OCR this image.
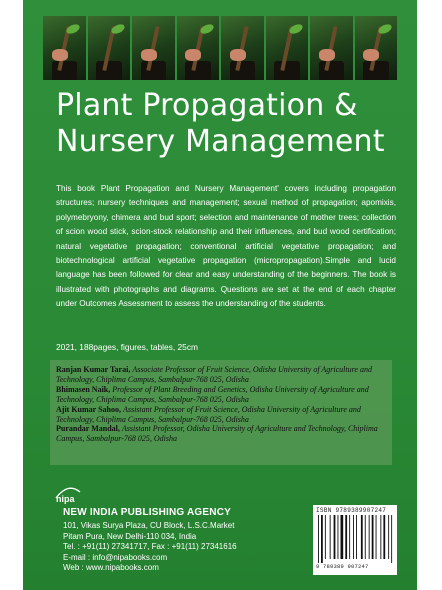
Plant Propagation &
Nursery Management

This book Plant Propagation and Nursery Management' covers including propagation structures; nursery techniques and management; sexual method of propagation; apomixis, polymebryony, chimera and bud sport; selection and maintenance of mother trees; collection of scion wood stick, scion-stock relationship and their influences, and bud wood certification; natural vegetative propagation; conventional artificial vegetative propagation; and biotechnological artificial vegetative propagation (micropropagation).Simple and lucid language has been followed for clear and easy understanding of the beginners. The book is illustrated with photographs and diagrams. Questions are set at the end of each chapter under Outcomes Assessment to assess the understanding of the students.

2021, 188pages, figures, tables, 25cm
Ranjan Kumar Tarai, Associate Professor of Fruit Science, Odisha University of Agriculture and Technology, Chiplima Campus, Sambalpur-768 025, Odisha
Bhimasen Naik, Professor of Plant Breeding and Genetics, Odisha University of Agriculture and Technology, Chiplima Campus, Sambalpur-768 025, Odisha
Ajit Kumar Sahoo, Assistant Professor of Fruit Science, Odisha University of Agriculture and Technology, Chiplima Campus, Sambalpur-768 025, Odisha
Purandar Mandal, Assistant Professor, Odisha University of Agriculture and Technology, Chiplima Campus, Sambalpur-768 025, Odisha
nipa
NEW INDIA PUBLISHING AGENCY
101, Vikas Surya Plaza, CU Block, L.S.C.Market
Pitam Pura, New Delhi-110 034, India
Tel. : +91(11) 27341717, Fax : +91(11) 27341616
E-mail : info@nipabooks.com
Web : www.nipabooks.com
ISBN 9789389907247
9 789389 907247
